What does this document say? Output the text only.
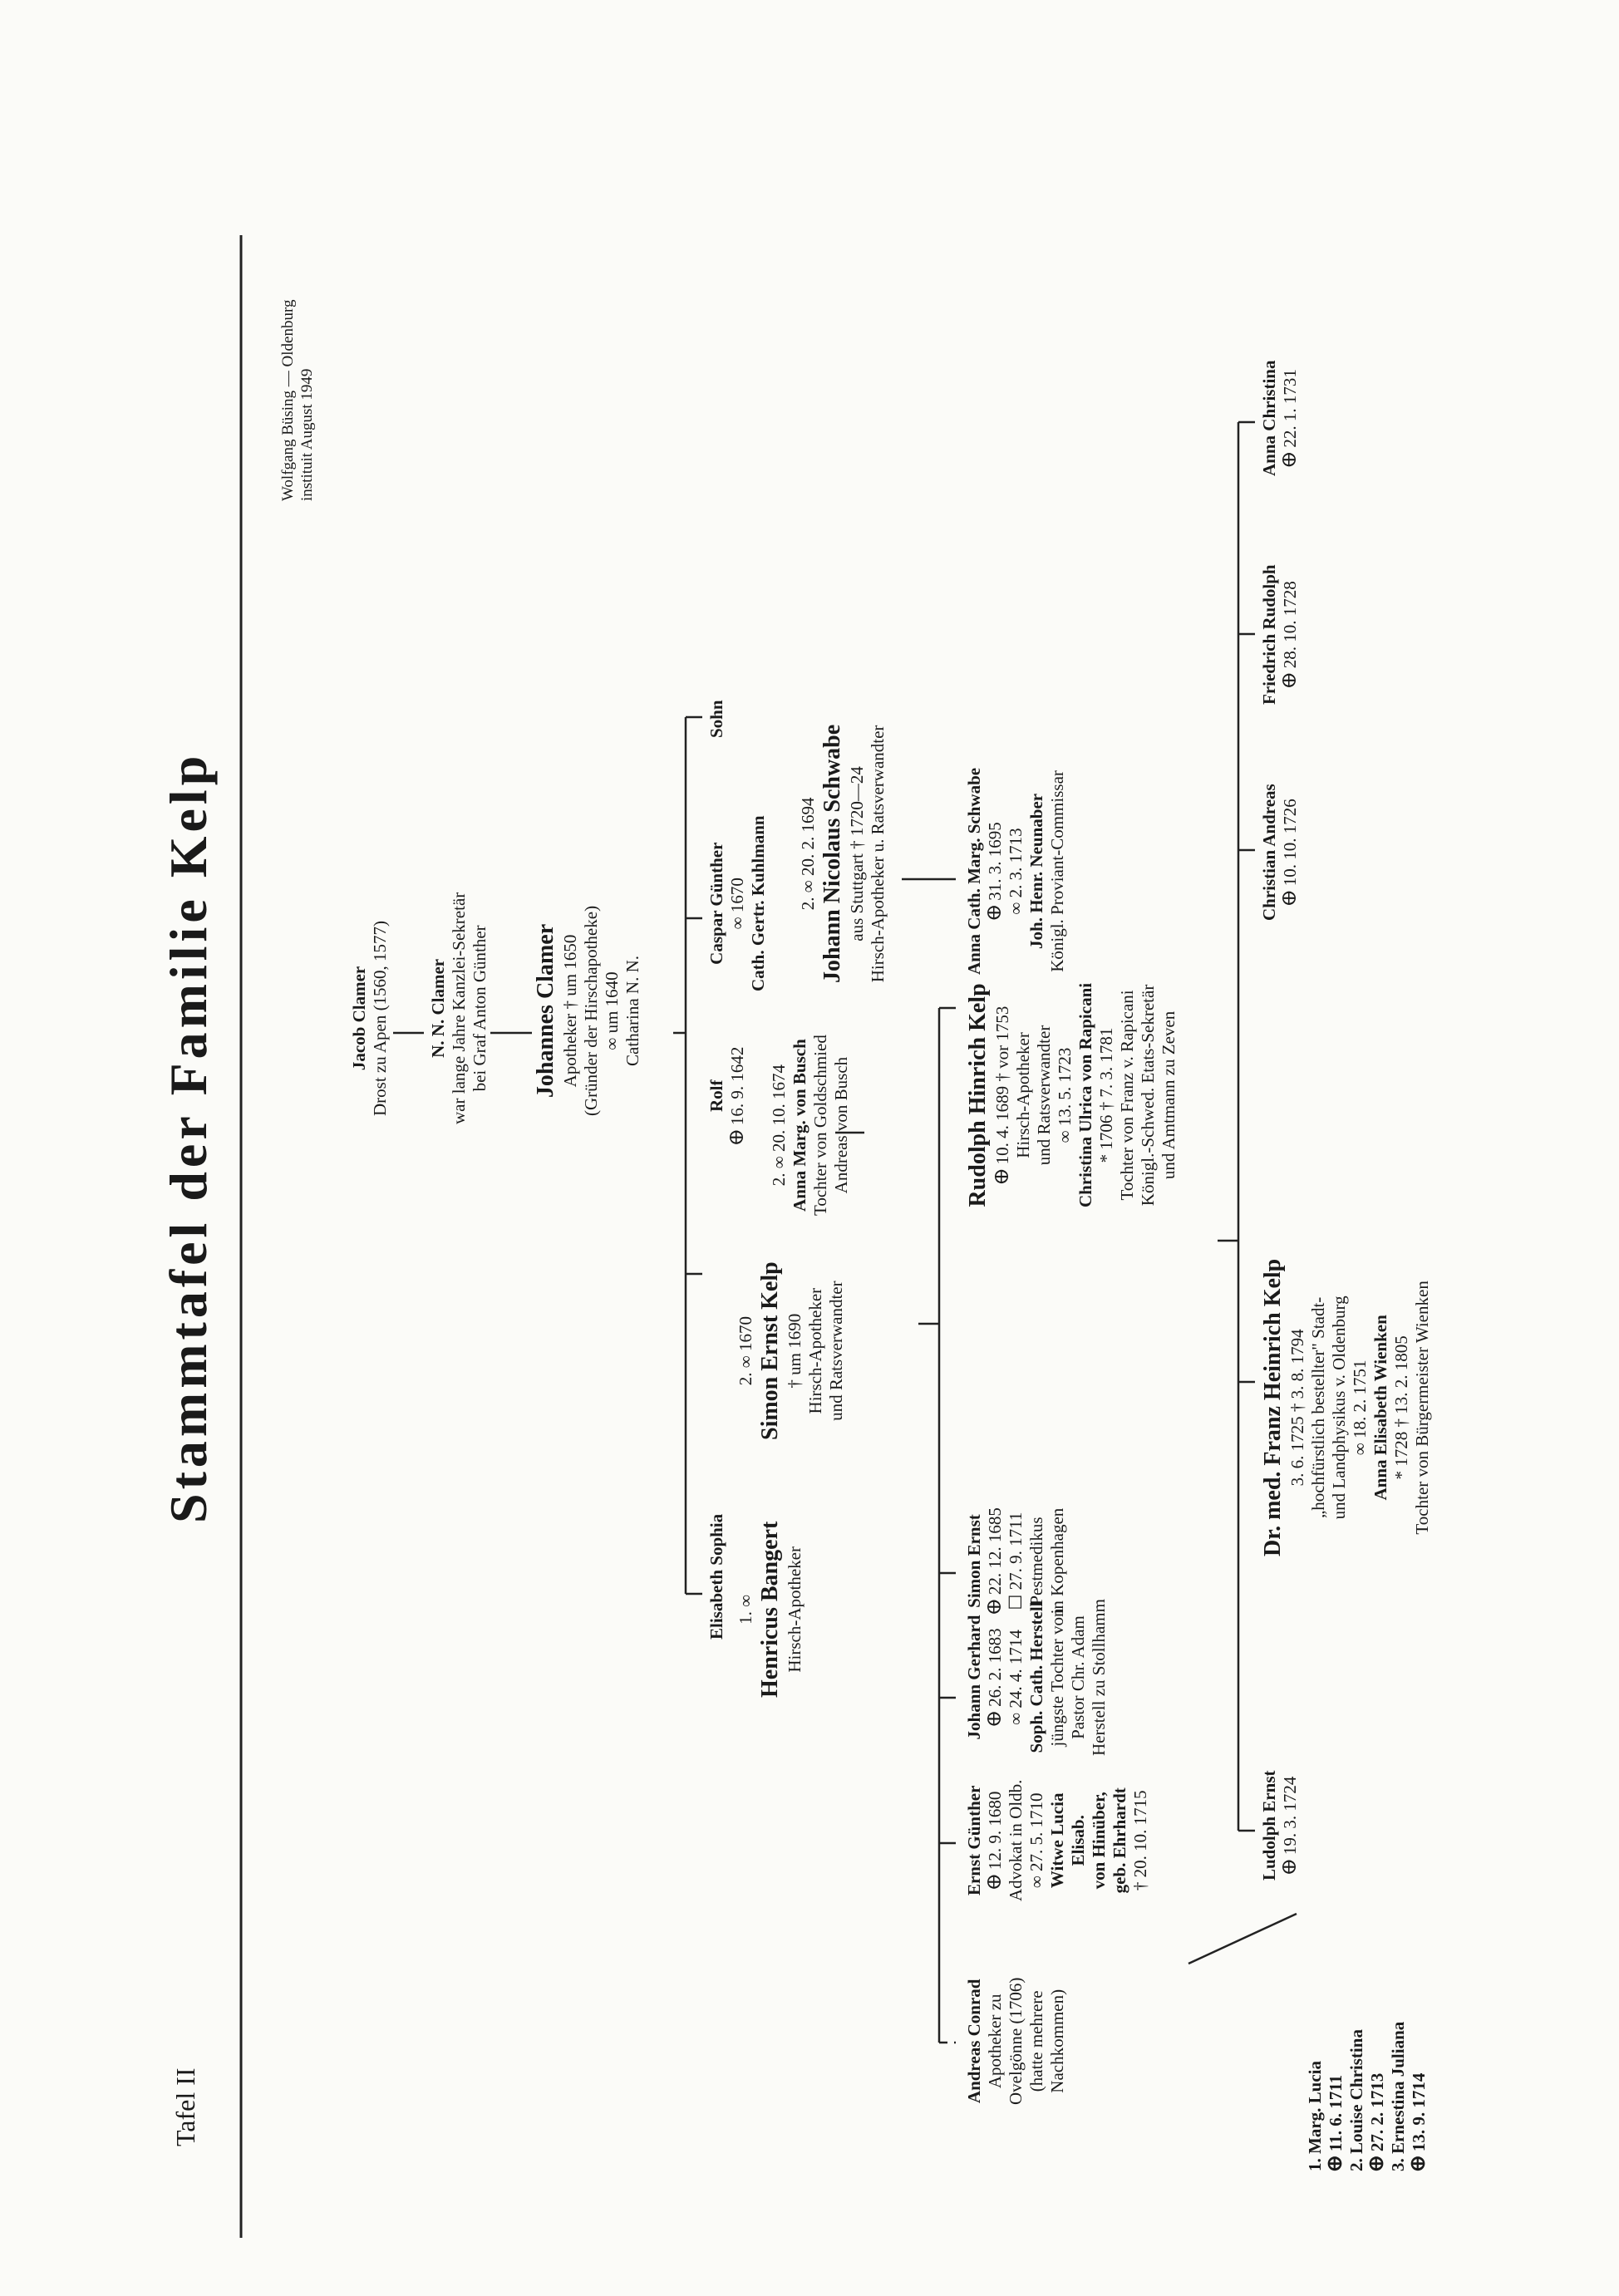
Tafel II
Stammtafel der Familie Kelp
Wolfgang Büsing — Oldenburg instituit August 1949
Jacob Clamer Drost zu Apen (1560, 1577) N. N. Clamer war lange Jahre Kanzlei-Sekretär bei Graf Anton Günther Johannes Clamer Apotheker † um 1650 (Gründer der Hirschapotheke) ∞ um 1640 Catharina N. N.
Elisabeth Sophia 1. ∞ Henricus Bangert Hirsch-Apotheker
2. ∞ 1670 Simon Ernst Kelp † um 1690 Hirsch-Apotheker und Ratsverwandter
Rolf ⴲ 16. 9. 1642 2. ∞ 20. 10. 1674 Anna Marg. von Busch Tochter von Goldschmied Andreas von Busch
Caspar Günther ∞ 1670 Cath. Gertr. Kuhlmann
Sohn
2. ∞ 20. 2. 1694 Johann Nicolaus Schwabe aus Stuttgart † 1720—24 Hirsch-Apotheker u. Ratsverwandter
Andreas Conrad Apotheker zu Ovelgönne (1706) (hatte mehrere Nachkommen)
Ernst Günther ⴲ 12. 9. 1680 Advokat in Oldb. ∞ 27. 5. 1710 Witwe Lucia Elisab. von Hinüber, geb. Ehrhardt † 20. 10. 1715
Johann Gerhard ⴲ 26. 2. 1683 ∞ 24. 4. 1714 Soph. Cath. Herstell jüngste Tochter von Pastor Chr. Adam Herstell zu Stollhamm
Simon Ernst ⴲ 22. 12. 1685 ☐ 27. 9. 1711 Pestmedikus in Kopenhagen
Rudolph Hinrich Kelp ⴲ 10. 4. 1689 † vor 1753 Hirsch-Apotheker und Ratsverwandter ∞ 13. 5. 1723 Christina Ulrica von Rapicani * 1706 † 7. 3. 1781 Tochter von Franz v. Rapicani Königl.-Schwed. Etats-Sekretär und Amtmann zu Zeven
Anna Cath. Marg. Schwabe ⴲ 31. 3. 1695 ∞ 2. 3. 1713 Joh. Henr. Neunaber Königl. Proviant-Commissar
1. Marg. Lucia ⴲ 11. 6. 1711 2. Louise Christina ⴲ 27. 2. 1713 3. Ernestina Juliana ⴲ 13. 9. 1714
Ludolph Ernst ⴲ 19. 3. 1724
Dr. med. Franz Heinrich Kelp 3. 6. 1725 † 3. 8. 1794 „hochfürstlich bestellter" Stadt- und Landphysikus v. Oldenburg ∞ 18. 2. 1751 Anna Elisabeth Wienken * 1728 † 13. 2. 1805 Tochter von Bürgermeister Wienken
Christian Andreas ⴲ 10. 10. 1726
Friedrich Rudolph ⴲ 28. 10. 1728
Anna Christina ⴲ 22. 1. 1731
